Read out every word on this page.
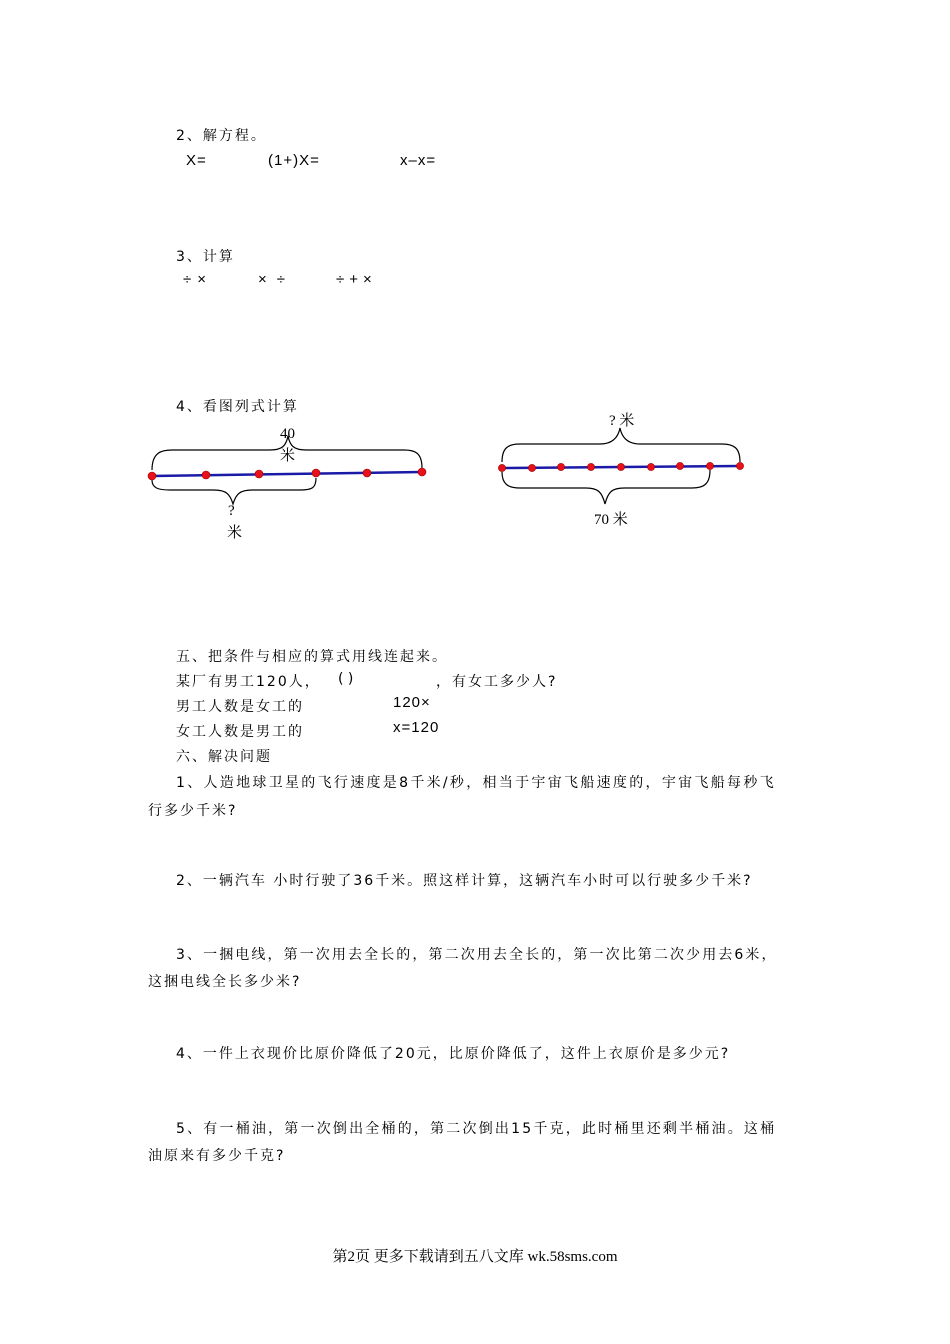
2、解方程。
X=	(1+)X=	x–x=
3、计算
÷×	×÷	÷+×
4、看图列式计算
40
米
?
米
? 米
70 米
五、把条件与相应的算式用线连起来。
某厂有男工120人， ( )	，有女工多少人?
男工人数是女工的	120×
女工人数是男工的	x=120
六、解决问题
1、人造地球卫星的飞行速度是8千米/秒，相当于宇宙飞船速度的，宇宙飞船每秒飞
行多少千米?
2、一辆汽车 小时行驶了36千米。照这样计算，这辆汽车小时可以行驶多少千米?
3、一捆电线，第一次用去全长的，第二次用去全长的，第一次比第二次少用去6米，
这捆电线全长多少米?
4、一件上衣现价比原价降低了20元，比原价降低了，这件上衣原价是多少元?
5、有一桶油，第一次倒出全桶的，第二次倒出15千克，此时桶里还剩半桶油。这桶
油原来有多少千克?
第2页 更多下载请到五八文库 wk.58sms.com
